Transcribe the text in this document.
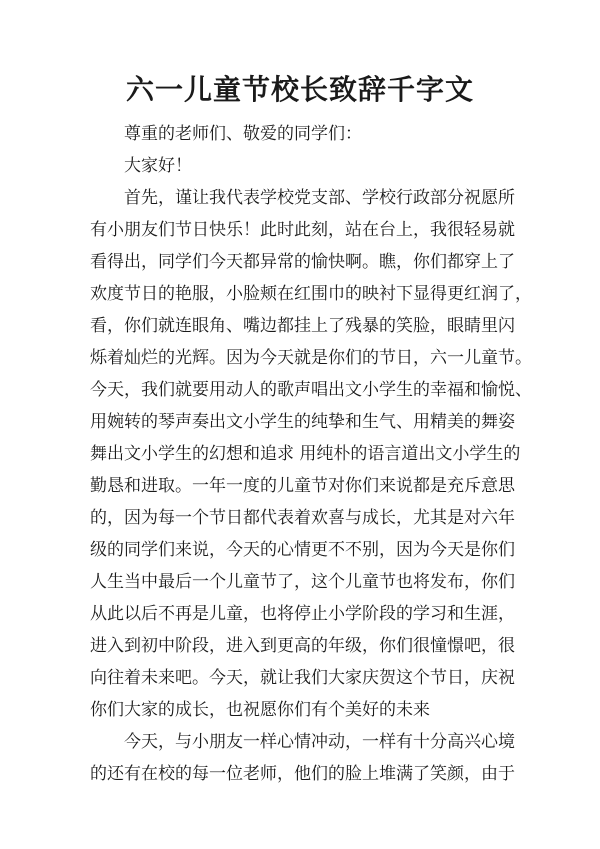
六一儿童节校长致辞千字文

尊重的老师们、敬爱的同学们：

大家好！

首先，谨让我代表学校党支部、学校行政部分祝愿所

有小朋友们节日快乐！此时此刻，站在台上，我很轻易就

看得出，同学们今天都异常的愉快啊。瞧，你们都穿上了

欢度节日的艳服，小脸颊在红围巾的映衬下显得更红润了，

看，你们就连眼角、嘴边都挂上了残暴的笑脸，眼睛里闪

烁着灿烂的光辉。因为今天就是你们的节日，六一儿童节。

今天，我们就要用动人的歌声唱出文小学生的幸福和愉悦、

用婉转的琴声奏出文小学生的纯挚和生气、用精美的舞姿

舞出文小学生的幻想和追求 用纯朴的语言道出文小学生的

勤恳和进取。一年一度的儿童节对你们来说都是充斥意思

的，因为每一个节日都代表着欢喜与成长，尤其是对六年

级的同学们来说，今天的心情更不不别，因为今天是你们

人生当中最后一个儿童节了，这个儿童节也将发布，你们

从此以后不再是儿童，也将停止小学阶段的学习和生涯，

进入到初中阶段，进入到更高的年级，你们很憧憬吧，很

向往着未来吧。今天，就让我们大家庆贺这个节日，庆祝

你们大家的成长，也祝愿你们有个美好的未来

今天，与小朋友一样心情冲动，一样有十分高兴心境

的还有在校的每一位老师，他们的脸上堆满了笑颜，由于
